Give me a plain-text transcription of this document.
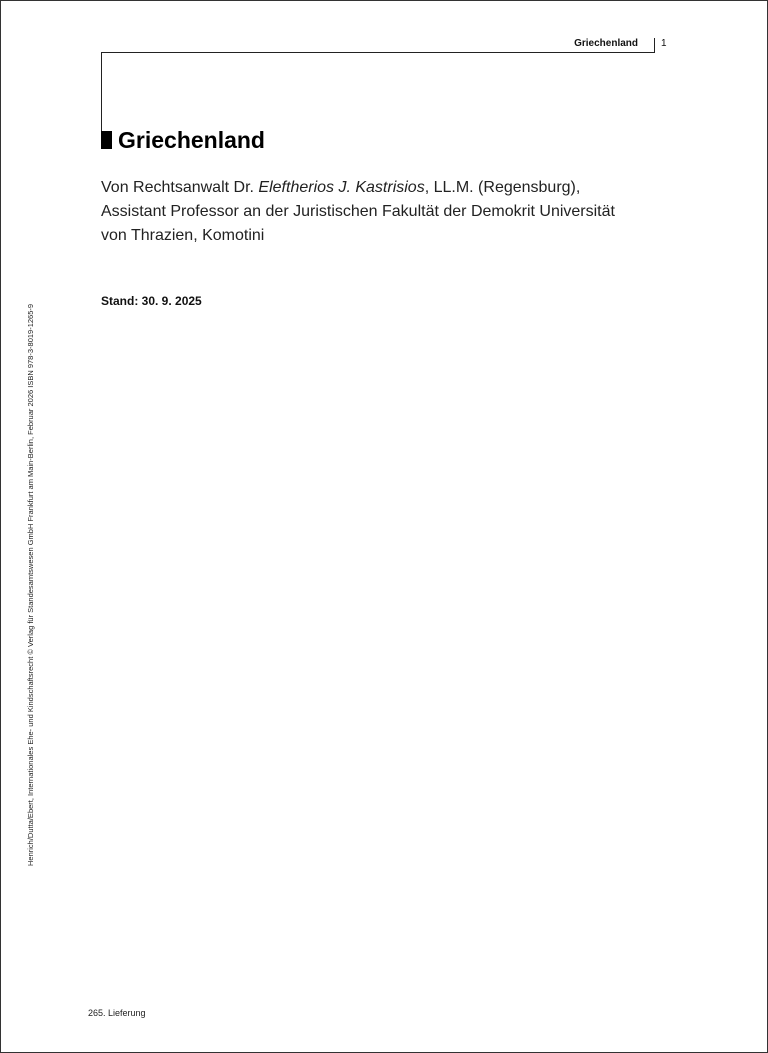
Griechenland 1
Griechenland
Von Rechtsanwalt Dr. Eleftherios J. Kastrisios, LL.M. (Regensburg),
Assistant Professor an der Juristischen Fakultät der Demokrit Universität
von Thrazien, Komotini
Stand: 30. 9. 2025
Henrich/Dutta/Ebert, Internationales Ehe- und Kindschaftsrecht © Verlag für Standesamtswesen GmbH Frankfurt am Main-Berlin, Februar 2026 ISBN 978-3-8019-1265-9
265. Lieferung
